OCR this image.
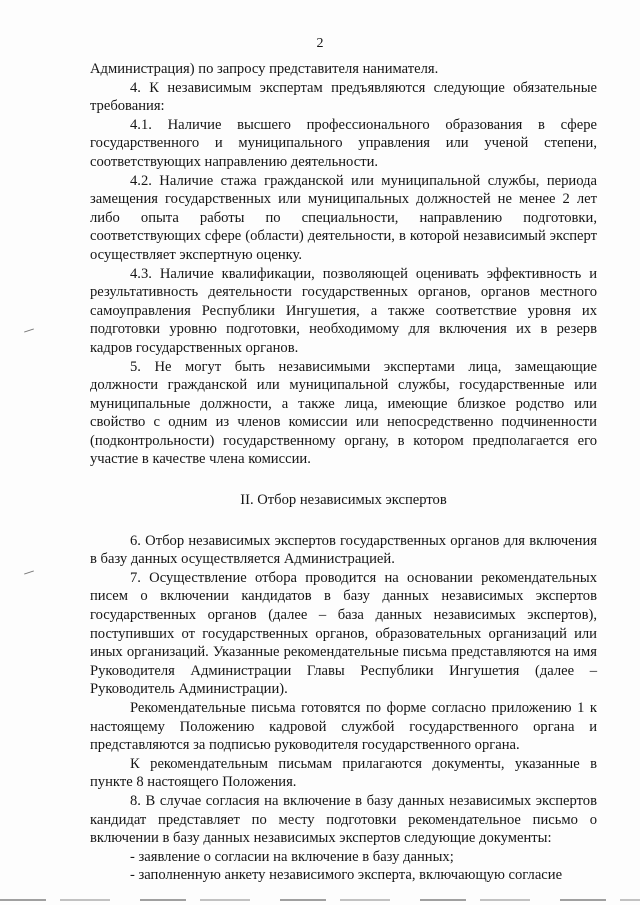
2

Администрация) по запросу представителя нанимателя.

4. К независимым экспертам предъявляются следующие обязательные требования:

4.1. Наличие высшего профессионального образования в сфере государственного и муниципального управления или ученой степени, соответствующих направлению деятельности.

4.2. Наличие стажа гражданской или муниципальной службы, периода замещения государственных или муниципальных должностей не менее 2 лет либо опыта работы по специальности, направлению подготовки, соответствующих сфере (области) деятельности, в которой независимый эксперт осуществляет экспертную оценку.

4.3. Наличие квалификации, позволяющей оценивать эффективность и результативность деятельности государственных органов, органов местного самоуправления Республики Ингушетия, а также соответствие уровня их подготовки уровню подготовки, необходимому для включения их в резерв кадров государственных органов.

5. Не могут быть независимыми экспертами лица, замещающие должности гражданской или муниципальной службы, государственные или муниципальные должности, а также лица, имеющие близкое родство или свойство с одним из членов комиссии или непосредственно подчиненности (подконтрольности) государственному органу, в котором предполагается его участие в качестве члена комиссии.

II. Отбор независимых экспертов

6. Отбор независимых экспертов государственных органов для включения в базу данных осуществляется Администрацией.

7. Осуществление отбора проводится на основании рекомендательных писем о включении кандидатов в базу данных независимых экспертов государственных органов (далее – база данных независимых экспертов), поступивших от государственных органов, образовательных организаций или иных организаций. Указанные рекомендательные письма представляются на имя Руководителя Администрации Главы Республики Ингушетия (далее – Руководитель Администрации).

Рекомендательные письма готовятся по форме согласно приложению 1 к настоящему Положению кадровой службой государственного органа и представляются за подписью руководителя государственного органа.

К рекомендательным письмам прилагаются документы, указанные в пункте 8 настоящего Положения.

8. В случае согласия на включение в базу данных независимых экспертов кандидат представляет по месту подготовки рекомендательное письмо о включении в базу данных независимых экспертов следующие документы:

- заявление о согласии на включение в базу данных;

- заполненную анкету независимого эксперта, включающую согласие
